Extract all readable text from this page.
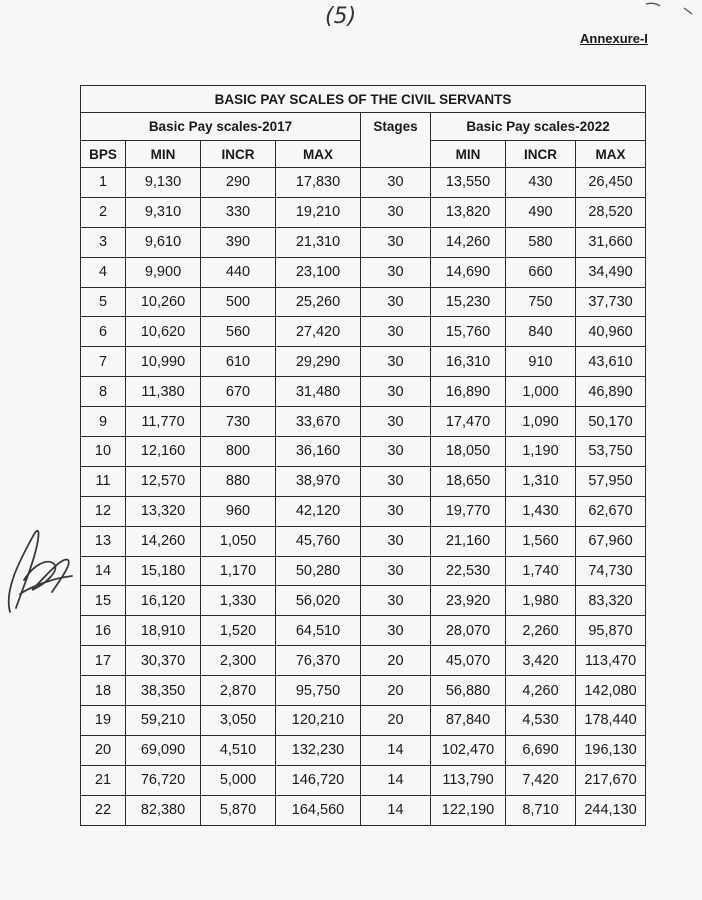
(5)
Annexure-I
BASIC PAY SCALES OF THE CIVIL SERVANTS							
Basic Pay scales-2017				Stages	Basic Pay scales-2022		
BPS	MIN	INCR	MAX		MIN	INCR	MAX
1	9,130	290	17,830	30	13,550	430	26,450
2	9,310	330	19,210	30	13,820	490	28,520
3	9,610	390	21,310	30	14,260	580	31,660
4	9,900	440	23,100	30	14,690	660	34,490
5	10,260	500	25,260	30	15,230	750	37,730
6	10,620	560	27,420	30	15,760	840	40,960
7	10,990	610	29,290	30	16,310	910	43,610
8	11,380	670	31,480	30	16,890	1,000	46,890
9	11,770	730	33,670	30	17,470	1,090	50,170
10	12,160	800	36,160	30	18,050	1,190	53,750
11	12,570	880	38,970	30	18,650	1,310	57,950
12	13,320	960	42,120	30	19,770	1,430	62,670
13	14,260	1,050	45,760	30	21,160	1,560	67,960
14	15,180	1,170	50,280	30	22,530	1,740	74,730
15	16,120	1,330	56,020	30	23,920	1,980	83,320
16	18,910	1,520	64,510	30	28,070	2,260	95,870
17	30,370	2,300	76,370	20	45,070	3,420	113,470
18	38,350	2,870	95,750	20	56,880	4,260	142,080
19	59,210	3,050	120,210	20	87,840	4,530	178,440
20	69,090	4,510	132,230	14	102,470	6,690	196,130
21	76,720	5,000	146,720	14	113,790	7,420	217,670
22	82,380	5,870	164,560	14	122,190	8,710	244,130
